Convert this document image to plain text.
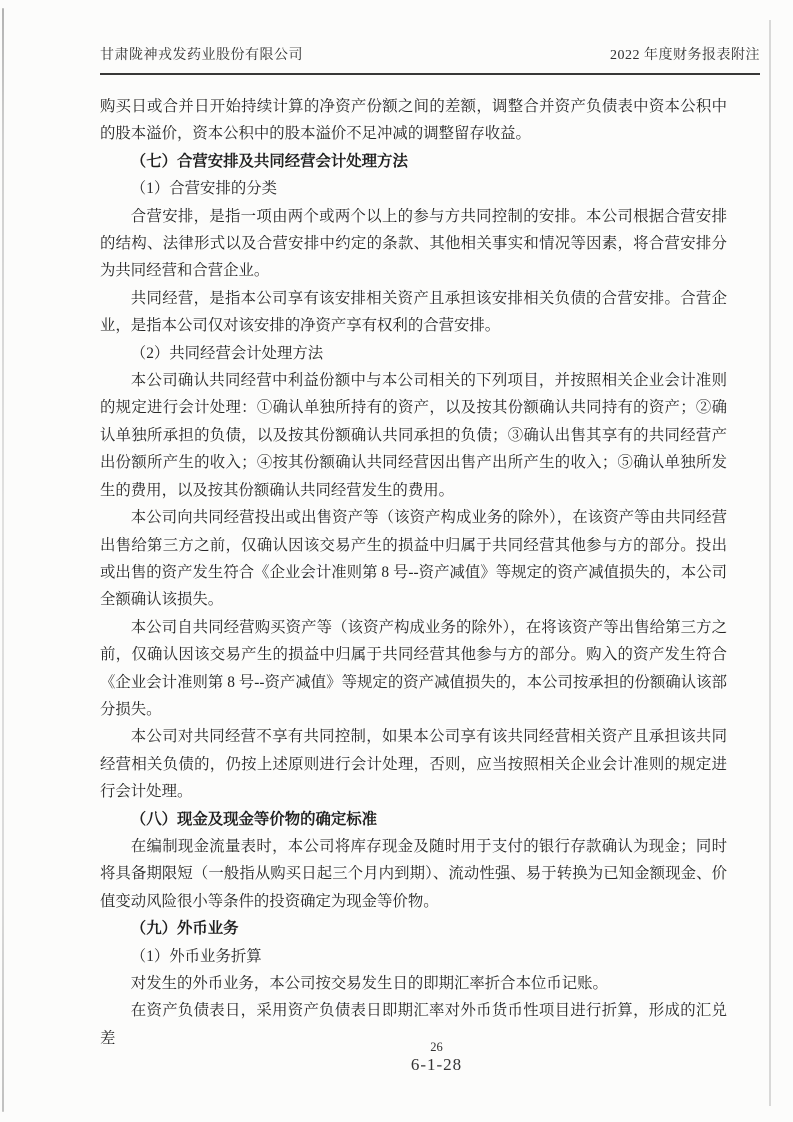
甘肃陇神戎发药业股份有限公司	2022 年度财务报表附注

购买日或合并日开始持续计算的净资产份额之间的差额，调整合并资产负债表中资本公积中的股本溢价，资本公积中的股本溢价不足冲减的调整留存收益。

（七）合营安排及共同经营会计处理方法

（1）合营安排的分类

合营安排，是指一项由两个或两个以上的参与方共同控制的安排。本公司根据合营安排的结构、法律形式以及合营安排中约定的条款、其他相关事实和情况等因素，将合营安排分为共同经营和合营企业。

共同经营，是指本公司享有该安排相关资产且承担该安排相关负债的合营安排。合营企业，是指本公司仅对该安排的净资产享有权利的合营安排。

（2）共同经营会计处理方法

本公司确认共同经营中利益份额中与本公司相关的下列项目，并按照相关企业会计准则的规定进行会计处理：①确认单独所持有的资产，以及按其份额确认共同持有的资产；②确认单独所承担的负债，以及按其份额确认共同承担的负债；③确认出售其享有的共同经营产出份额所产生的收入；④按其份额确认共同经营因出售产出所产生的收入；⑤确认单独所发生的费用，以及按其份额确认共同经营发生的费用。

本公司向共同经营投出或出售资产等（该资产构成业务的除外），在该资产等由共同经营出售给第三方之前，仅确认因该交易产生的损益中归属于共同经营其他参与方的部分。投出或出售的资产发生符合《企业会计准则第 8 号--资产减值》等规定的资产减值损失的，本公司全额确认该损失。

本公司自共同经营购买资产等（该资产构成业务的除外），在将该资产等出售给第三方之前，仅确认因该交易产生的损益中归属于共同经营其他参与方的部分。购入的资产发生符合《企业会计准则第 8 号--资产减值》等规定的资产减值损失的，本公司按承担的份额确认该部分损失。

本公司对共同经营不享有共同控制，如果本公司享有该共同经营相关资产且承担该共同经营相关负债的，仍按上述原则进行会计处理，否则，应当按照相关企业会计准则的规定进行会计处理。

（八）现金及现金等价物的确定标准

在编制现金流量表时，本公司将库存现金及随时用于支付的银行存款确认为现金；同时将具备期限短（一般指从购买日起三个月内到期）、流动性强、易于转换为已知金额现金、价值变动风险很小等条件的投资确定为现金等价物。

（九）外币业务

（1）外币业务折算

对发生的外币业务，本公司按交易发生日的即期汇率折合本位币记账。

在资产负债表日，采用资产负债表日即期汇率对外币货币性项目进行折算，形成的汇兑差

26
6-1-28
